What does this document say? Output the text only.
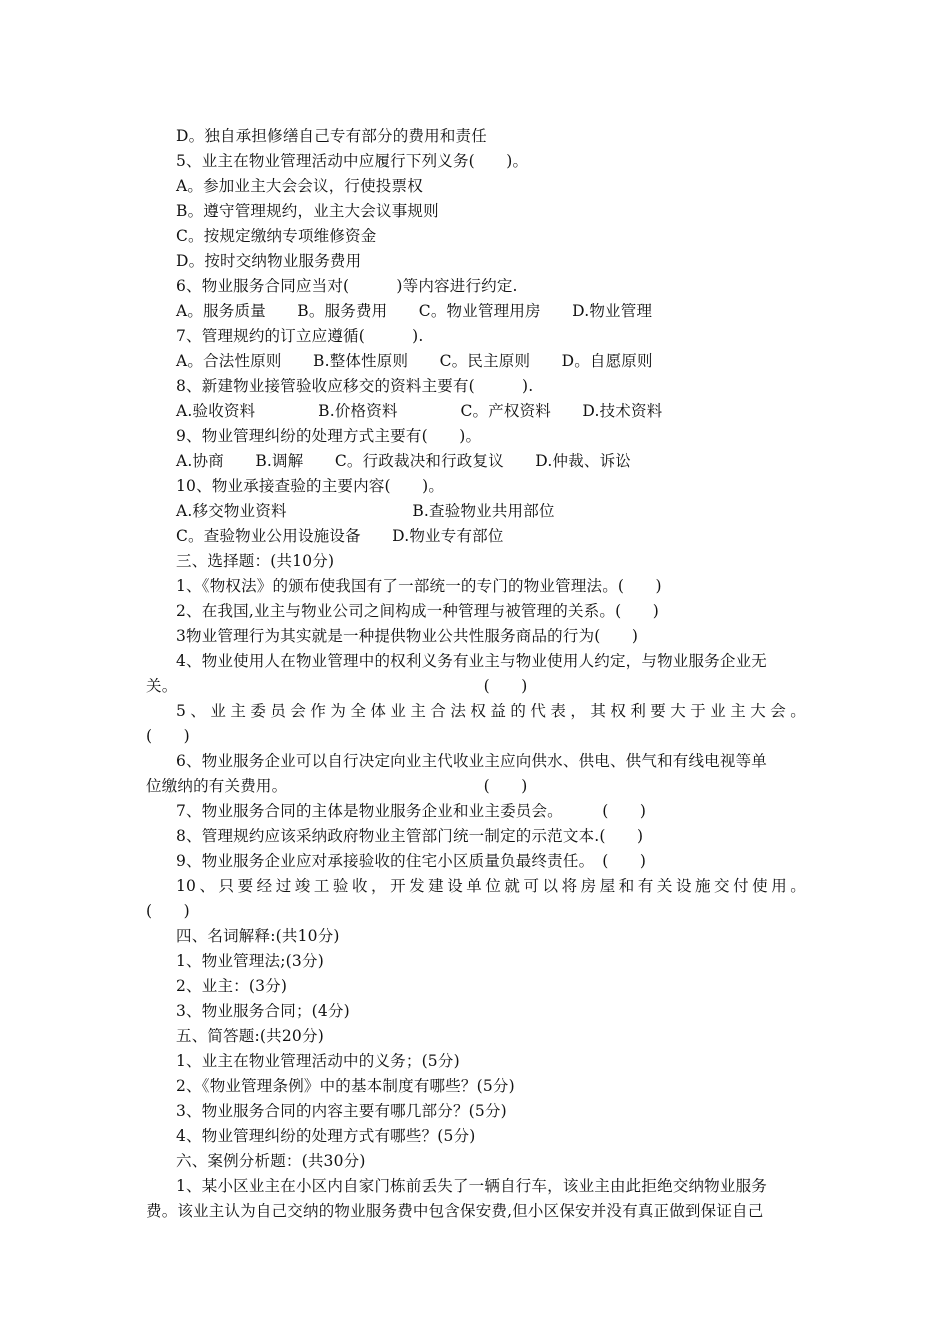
D。独自承担修缮自己专有部分的费用和责任
5、业主在物业管理活动中应履行下列义务(　　)。
A。参加业主大会会议，行使投票权
B。遵守管理规约，业主大会议事规则
C。按规定缴纳专项维修资金
D。按时交纳物业服务费用
6、物业服务合同应当对(　　　)等内容进行约定.
A。服务质量　　B。服务费用　　C。物业管理用房　　D.物业管理
7、管理规约的订立应遵循(　　　).
A。合法性原则　　B.整体性原则　　C。民主原则　　D。自愿原则
8、新建物业接管验收应移交的资料主要有(　　　).
A.验收资料　　　　B.价格资料　　　　C。产权资料　　D.技术资料
9、物业管理纠纷的处理方式主要有(　　)。
A.协商　　B.调解　　C。行政裁决和行政复议　　D.仲裁、诉讼
10、物业承接查验的主要内容(　　)。
A.移交物业资料　　　　　　　　B.查验物业共用部位
C。查验物业公用设施设备　　D.物业专有部位
三、选择题：(共10分)
1、《物权法》的颁布使我国有了一部统一的专门的物业管理法。(　　)
2、在我国,业主与物业公司之间构成一种管理与被管理的关系。(　　)
3物业管理行为其实就是一种提供物业公共性服务商品的行为(　　)
4、物业使用人在物业管理中的权利义务有业主与物业使用人约定，与物业服务企业无
关。　　　　　　　　　　　　　　　　　　　　(　　)
5、业主委员会作为全体业主合法权益的代表，其权利要大于业主大会。
(　　)
6、物业服务企业可以自行决定向业主代收业主应向供水、供电、供气和有线电视等单
位缴纳的有关费用。　　　　　　　　　　　　　(　　)
7、物业服务合同的主体是物业服务企业和业主委员会。　　　(　　)
8、管理规约应该采纳政府物业主管部门统一制定的示范文本.(　　)
9、物业服务企业应对承接验收的住宅小区质量负最终责任。　(　　)
10、只要经过竣工验收，开发建设单位就可以将房屋和有关设施交付使用。
(　　)
四、名词解释:(共10分)
1、物业管理法;(3分)
2、业主：(3分)
3、物业服务合同；(4分)
五、简答题:(共20分)
1、业主在物业管理活动中的义务；(5分)
2、《物业管理条例》中的基本制度有哪些？(5分)
3、物业服务合同的内容主要有哪几部分？(5分)
4、物业管理纠纷的处理方式有哪些？(5分)
六、案例分析题：(共30分)
1、某小区业主在小区内自家门栋前丢失了一辆自行车，该业主由此拒绝交纳物业服务
费。该业主认为自己交纳的物业服务费中包含保安费,但小区保安并没有真正做到保证自己
